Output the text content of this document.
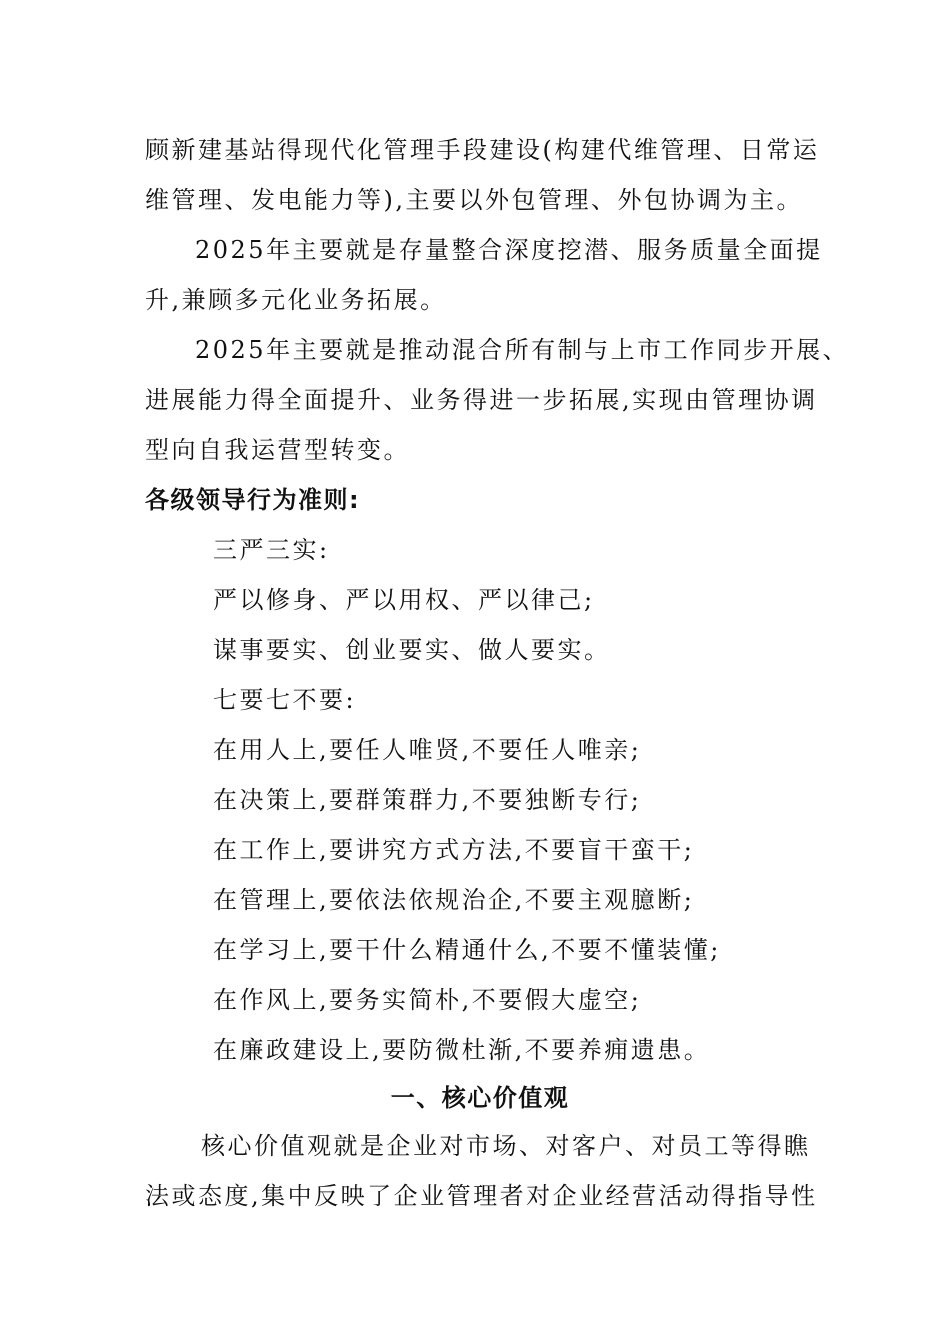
顾新建基站得现代化管理手段建设(构建代维管理、日常运
维管理、发电能力等),主要以外包管理、外包协调为主。
2025年主要就是存量整合深度挖潜、服务质量全面提
升,兼顾多元化业务拓展。
2025年主要就是推动混合所有制与上市工作同步开展、
进展能力得全面提升、业务得进一步拓展,实现由管理协调
型向自我运营型转变。
各级领导行为准则:
三严三实:
严以修身、严以用权、严以律己;
谋事要实、创业要实、做人要实。
七要七不要:
在用人上,要任人唯贤,不要任人唯亲;
在决策上,要群策群力,不要独断专行;
在工作上,要讲究方式方法,不要盲干蛮干;
在管理上,要依法依规治企,不要主观臆断;
在学习上,要干什么精通什么,不要不懂装懂;
在作风上,要务实简朴,不要假大虚空;
在廉政建设上,要防微杜渐,不要养痈遗患。
一、核心价值观
核心价值观就是企业对市场、对客户、对员工等得瞧
法或态度,集中反映了企业管理者对企业经营活动得指导性
